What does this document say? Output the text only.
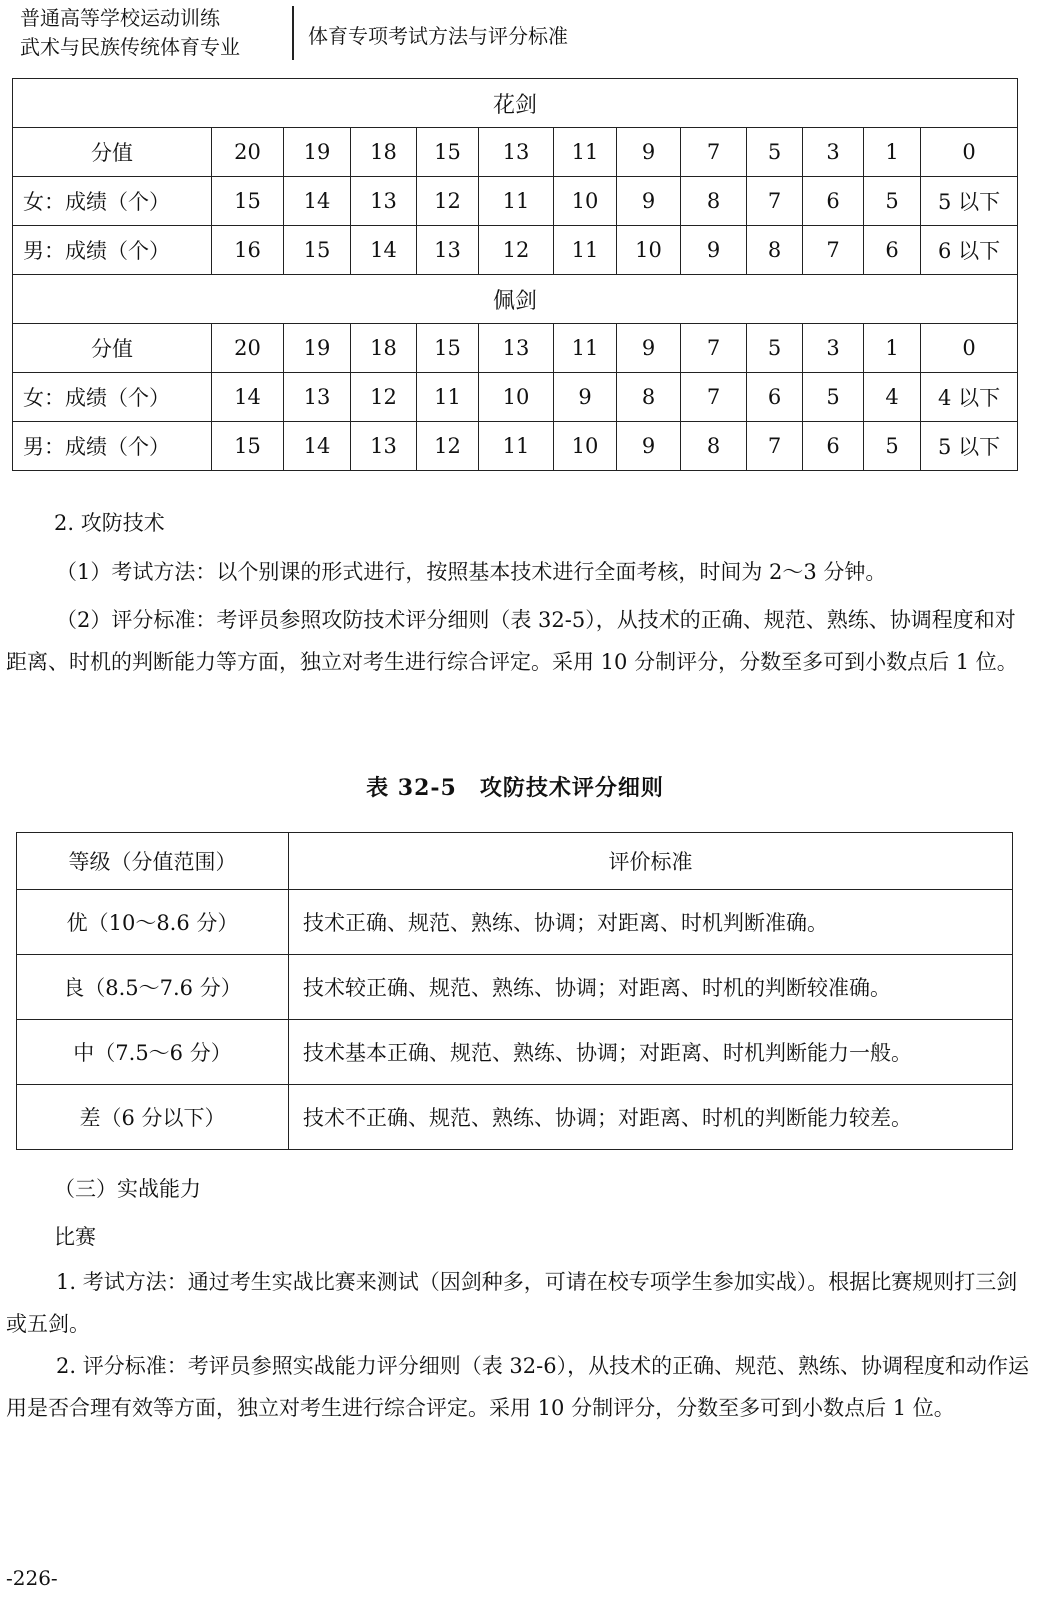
普通高等学校运动训练
武术与民族传统体育专业	体育专项考试方法与评分标准
花剑												
分值	20	19	18	15	13	11	9	7	5	3	1	0
女：成绩（个）	15	14	13	12	11	10	9	8	7	6	5	5 以下
男：成绩（个）	16	15	14	13	12	11	10	9	8	7	6	6 以下
佩剑												
分值	20	19	18	15	13	11	9	7	5	3	1	0
女：成绩（个）	14	13	12	11	10	9	8	7	6	5	4	4 以下
男：成绩（个）	15	14	13	12	11	10	9	8	7	6	5	5 以下

2. 攻防技术

（1）考试方法：以个别课的形式进行，按照基本技术进行全面考核，时间为 2～3 分钟。

（2）评分标准：考评员参照攻防技术评分细则（表 32-5），从技术的正确、规范、熟练、协调程度和对距离、时机的判断能力等方面，独立对考生进行综合评定。采用 10 分制评分，分数至多可到小数点后 1 位。

表 32-5　攻防技术评分细则
等级（分值范围）	评价标准
优（10～8.6 分）	技术正确、规范、熟练、协调；对距离、时机判断准确。
良（8.5～7.6 分）	技术较正确、规范、熟练、协调；对距离、时机的判断较准确。
中（7.5～6 分）	技术基本正确、规范、熟练、协调；对距离、时机判断能力一般。
差（6 分以下）	技术不正确、规范、熟练、协调；对距离、时机的判断能力较差。

（三）实战能力

比赛

1. 考试方法：通过考生实战比赛来测试（因剑种多，可请在校专项学生参加实战）。根据比赛规则打三剑或五剑。

2. 评分标准：考评员参照实战能力评分细则（表 32-6），从技术的正确、规范、熟练、协调程度和动作运用是否合理有效等方面，独立对考生进行综合评定。采用 10 分制评分，分数至多可到小数点后 1 位。

-226-
